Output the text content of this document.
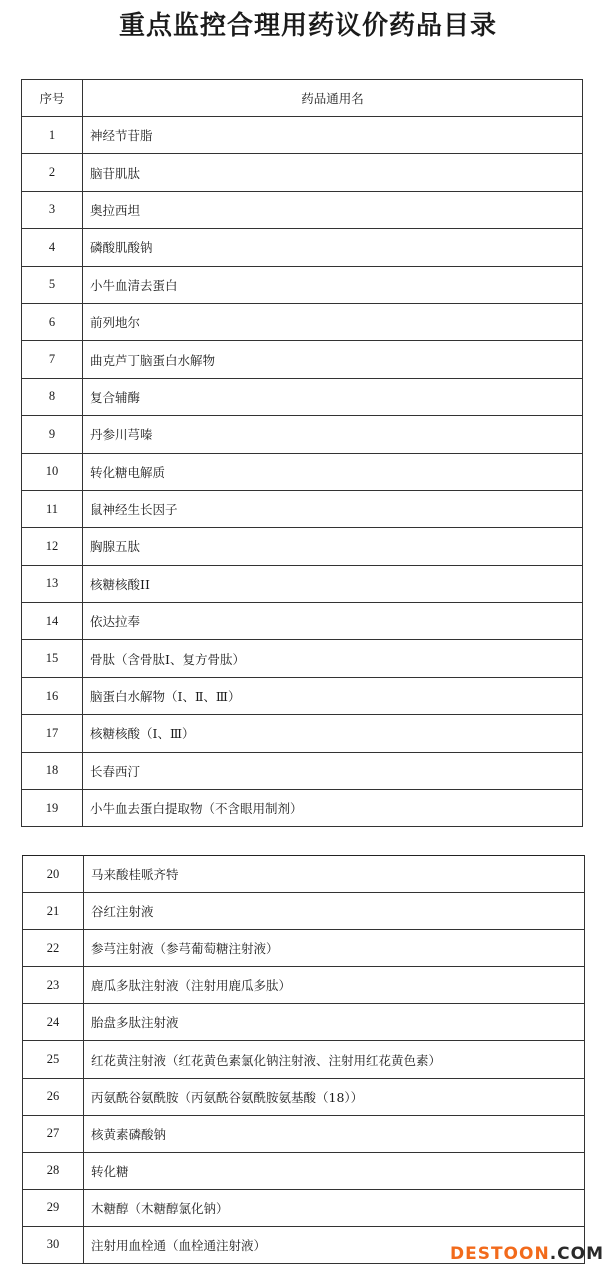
重点监控合理用药议价药品目录
序号	药品通用名
1	神经节苷脂
2	脑苷肌肽
3	奥拉西坦
4	磷酸肌酸钠
5	小牛血清去蛋白
6	前列地尔
7	曲克芦丁脑蛋白水解物
8	复合辅酶
9	丹参川芎嗪
10	转化糖电解质
11	鼠神经生长因子
12	胸腺五肽
13	核糖核酸II
14	依达拉奉
15	骨肽（含骨肽Ⅰ、复方骨肽）
16	脑蛋白水解物（Ⅰ、Ⅱ、Ⅲ）
17	核糖核酸（Ⅰ、Ⅲ）
18	长春西汀
19	小牛血去蛋白提取物（不含眼用制剂）
20	马来酸桂哌齐特
21	谷红注射液
22	参芎注射液（参芎葡萄糖注射液）
23	鹿瓜多肽注射液（注射用鹿瓜多肽）
24	胎盘多肽注射液
25	红花黄注射液（红花黄色素氯化钠注射液、注射用红花黄色素）
26	丙氨酰谷氨酰胺（丙氨酰谷氨酰胺氨基酸（18））
27	核黄素磷酸钠
28	转化糖
29	木糖醇（木糖醇氯化钠）
30	注射用血栓通（血栓通注射液）	DESTOON.COM
